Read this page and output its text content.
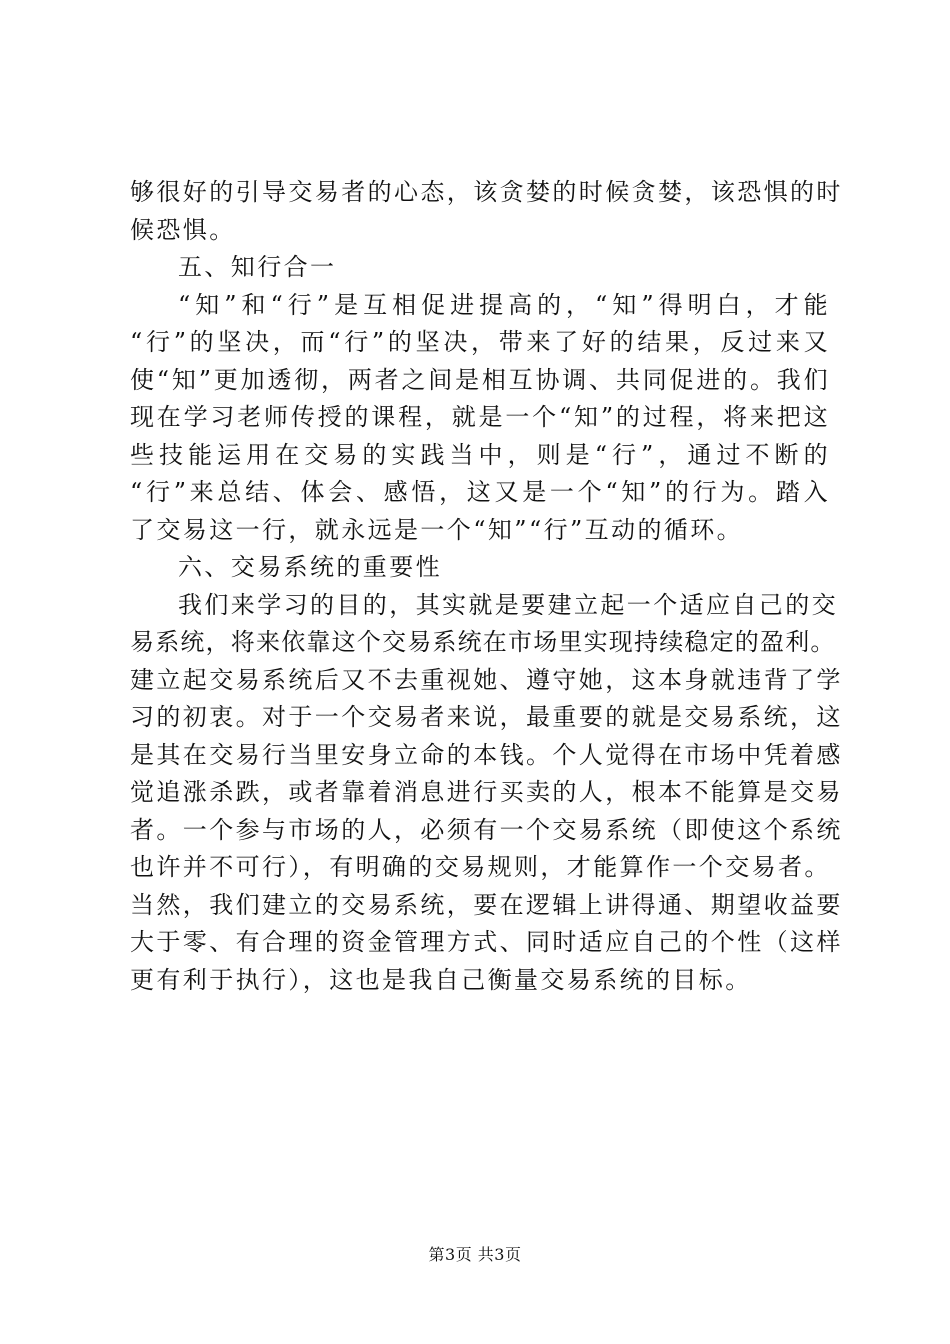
够很好的引导交易者的心态，该贪婪的时候贪婪，该恐惧的时
候恐惧。
五、知行合一
“知”和“行”是互相促进提高的，“知”得明白，才能
“行”的坚决，而“行”的坚决，带来了好的结果，反过来又
使“知”更加透彻，两者之间是相互协调、共同促进的。我们
现在学习老师传授的课程，就是一个“知”的过程，将来把这
些技能运用在交易的实践当中，则是“行”，通过不断的
“行”来总结、体会、感悟，这又是一个“知”的行为。踏入
了交易这一行，就永远是一个“知”“行”互动的循环。
六、交易系统的重要性
我们来学习的目的，其实就是要建立起一个适应自己的交
易系统，将来依靠这个交易系统在市场里实现持续稳定的盈利。
建立起交易系统后又不去重视她、遵守她，这本身就违背了学
习的初衷。对于一个交易者来说，最重要的就是交易系统，这
是其在交易行当里安身立命的本钱。个人觉得在市场中凭着感
觉追涨杀跌，或者靠着消息进行买卖的人，根本不能算是交易
者。一个参与市场的人，必须有一个交易系统（即使这个系统
也许并不可行），有明确的交易规则，才能算作一个交易者。
当然，我们建立的交易系统，要在逻辑上讲得通、期望收益要
大于零、有合理的资金管理方式、同时适应自己的个性（这样
更有利于执行），这也是我自己衡量交易系统的目标。
第3页 共3页
